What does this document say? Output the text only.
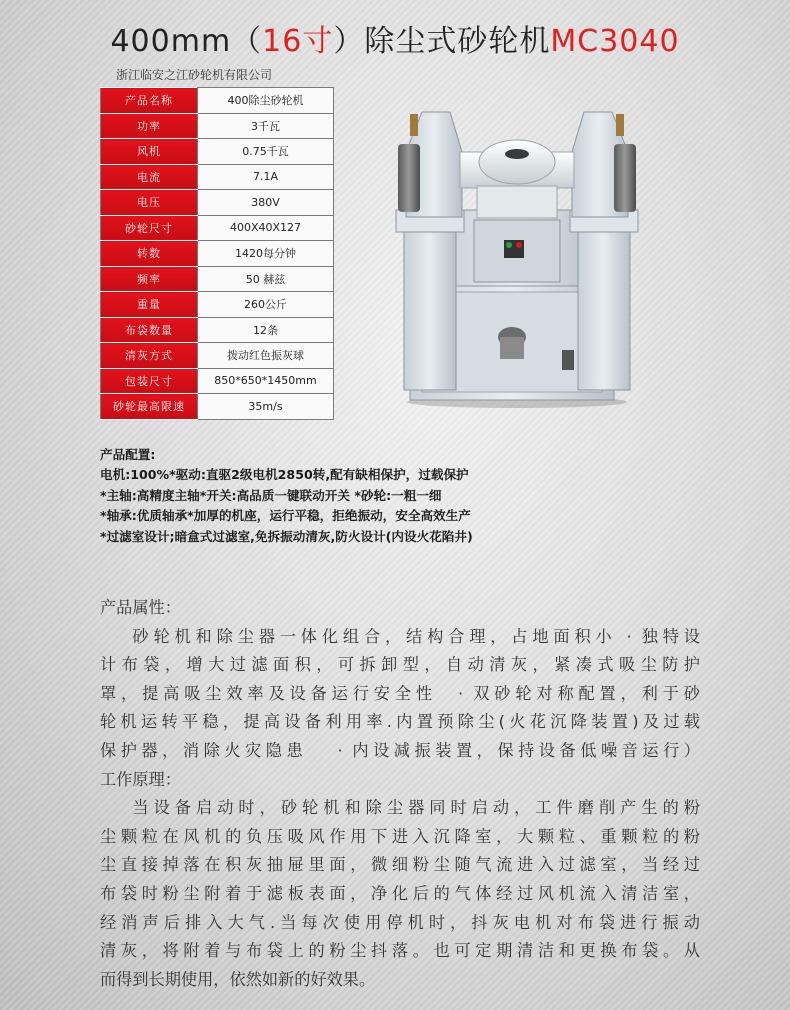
400mm（16寸）除尘式砂轮机MC3040
浙江临安之江砂轮机有限公司
产品名称	400除尘砂轮机
功率	3千瓦
风机	0.75千瓦
电流	7.1A
电压	380V
砂轮尺寸	400X40X127
转数	1420每分钟
频率	50 赫兹
重量	260公斤
布袋数量	12条
清灰方式	拨动红色振灰球
包装尺寸	850*650*1450mm
砂轮最高限速	35m/s
产品配置:
电机:100%*驱动:直驱2级电机2850转,配有缺相保护，过载保护
*主轴:高精度主轴*开关:高品质一键联动开关 *砂轮:一粗一细
*轴承:优质轴承*加厚的机座，运行平稳，拒绝振动，安全高效生产
*过滤室设计;暗盒式过滤室,免拆振动清灰,防火设计(内设火花陷井)

产品属性：

砂轮机和除尘器一体化组合，结构合理，占地面积小 · 独特设

计布袋，增大过滤面积，可拆卸型，自动清灰，紧凑式吸尘防护

罩，提高吸尘效率及设备运行安全性　· 双砂轮对称配置，利于砂

轮机运转平稳，提高设备利用率.内置预除尘(火花沉降装置)及过载

保护器，消除火灾隐患　 · 内设减振装置，保持设备低噪音运行）

工作原理：

当设备启动时，砂轮机和除尘器同时启动，工件磨削产生的粉

尘颗粒在风机的负压吸风作用下进入沉降室，大颗粒、重颗粒的粉

尘直接掉落在积灰抽屉里面，微细粉尘随气流进入过滤室，当经过

布袋时粉尘附着于滤板表面，净化后的气体经过风机流入清洁室，

经消声后排入大气.当每次使用停机时，抖灰电机对布袋进行振动

清灰，将附着与布袋上的粉尘抖落。也可定期清洁和更换布袋。从

而得到长期使用，依然如新的好效果。
